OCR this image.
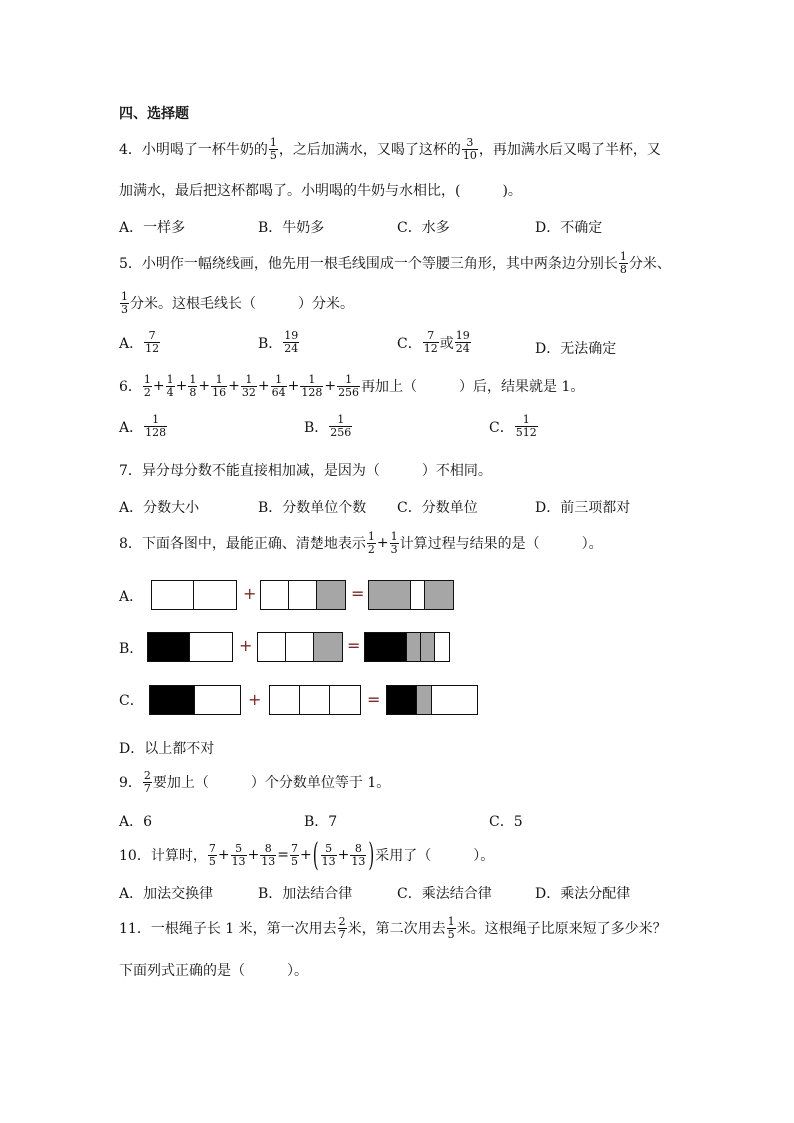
四、选择题
4．小明喝了一杯牛奶的 $\frac{1}{5}$ ，之后加满水，又喝了这杯的 $\frac{3}{10}$ ，再加满水后又喝了半杯，又
加满水，最后把这杯都喝了。小明喝的牛奶与水相比，(　　　)。
A．一样多	B．牛奶多	C．水多	D．不确定
5．小明作一幅绕线画，他先用一根毛线围成一个等腰三角形，其中两条边分别长 $\frac{1}{8}$ 分米、
$\frac{1}{3}$ 分米。这根毛线长（　　　）分米。
A． $\frac{7}{12}$	B． $\frac{19}{24}$	C． $\frac{7}{12}$ 或 $\frac{19}{24}$	D．无法确定
6． $\frac{1}{2} + \frac{1}{4} + \frac{1}{8} + \frac{1}{16} + \frac{1}{32} + \frac{1}{64} + \frac{1}{128} + \frac{1}{256}$ 再加上（　　　）后，结果就是 1。
A． $\frac{1}{128}$	B． $\frac{1}{256}$	C． $\frac{1}{512}$
7．异分母分数不能直接相加减，是因为（　　　）不相同。
A．分数大小	B．分数单位个数 C．分数单位	D．前三项都对
8．下面各图中，最能正确、清楚地表示 $\frac{1}{2} + \frac{1}{3}$ 计算过程与结果的是（　　　）。
A．	+	=
B．	+	=
C．	+	=
D．以上都不对
9． $\frac{2}{7}$ 要加上（　　　）个分数单位等于 1。
A．6	B．7	C．5
10．计算时， $\frac{7}{5} + \frac{5}{13} + \frac{8}{13} = \frac{7}{5}$ + ( $\frac{5}{13} + \frac{8}{13}$ ) 采用了（　　　）。
A．加法交换律	B．加法结合律	C．乘法结合律	D．乘法分配律
11．一根绳子长 1 米，第一次用去 $\frac{2}{7}$ 米，第二次用去 $\frac{1}{5}$ 米。这根绳子比原来短了多少米？
下面列式正确的是（　　　）。
